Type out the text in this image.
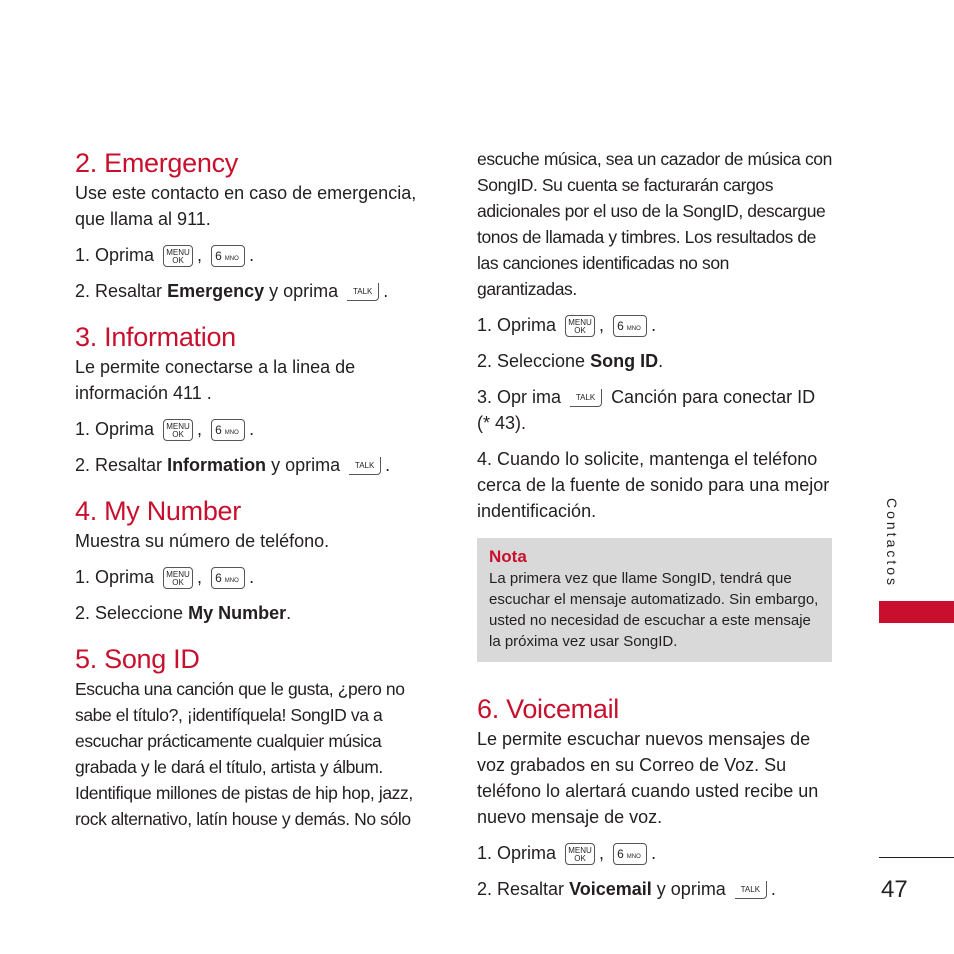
2. Emergency

Use este contacto en caso de emergencia, que llama al 911.

1. Oprima MENU
OK , 6 MNO .

2. Resaltar Emergency y oprima TALK .

3. Information

Le permite conectarse a la linea de información 411 .

1. Oprima MENU
OK , 6 MNO .

2. Resaltar Information y oprima TALK .

4. My Number

Muestra su número de teléfono.

1. Oprima MENU
OK , 6 MNO .

2. Seleccione My Number.

5. Song ID

Escucha una canción que le gusta, ¿pero no sabe el título?, ¡identifíquela! SongID va a escuchar prácticamente cualquier música grabada y le dará el título, artista y álbum. Identifique millones de pistas de hip hop, jazz, rock alternativo, latín house y demás. No sólo

escuche música, sea un cazador de música con SongID. Su cuenta se facturarán cargos adicionales por el uso de la SongID, descargue tonos de llamada y timbres. Los resultados de las canciones identificadas no son garantizadas.

1. Oprima MENU
OK , 6 MNO .

2. Seleccione Song ID.

3. Opr ima TALK Canción para conectar ID (* 43).

4. Cuando lo solicite, mantenga el teléfono cerca de la fuente de sonido para una mejor indentificación.

Nota

La primera vez que llame SongID, tendrá que escuchar el mensaje automatizado. Sin embargo, usted no necesidad de escuchar a este mensaje la próxima vez usar SongID.

6. Voicemail

Le permite escuchar nuevos mensajes de voz grabados en su Correo de Voz. Su teléfono lo alertará cuando usted recibe un nuevo mensaje de voz.

1. Oprima MENU
OK , 6 MNO .

2. Resaltar Voicemail y oprima TALK .

Contactos
47
